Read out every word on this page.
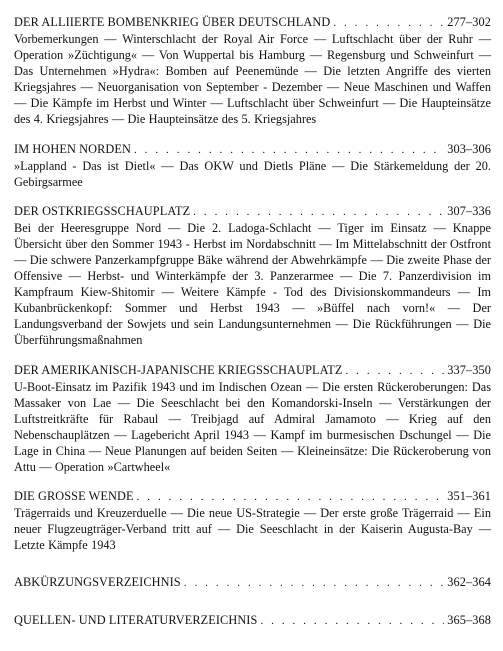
DER ALLIIERTE BOMBENKRIEG ÜBER DEUTSCHLAND . . .	277–302

Vorbemerkungen — Winterschlacht der Royal Air Force — Luftschlacht über der Ruhr — Operation »Züchtigung« — Von Wuppertal bis Hamburg — Regensburg und Schweinfurt — Das Unternehmen »Hydra«: Bomben auf Peenemünde — Die letzten Angriffe des vierten Kriegsjahres — Neuorganisation von September - Dezember — Neue Maschinen und Waffen — Die Kämpfe im Herbst und Winter — Luftschlacht über Schweinfurt — Die Haupteinsätze des 4. Kriegsjahres — Die Haupteinsätze des 5. Kriegsjahres

IM HOHEN NORDEN . . .	303–306

»Lappland - Das ist Dietl« — Das OKW und Dietls Pläne — Die Stärkemeldung der 20. Gebirgsarmee

DER OSTKRIEGSSCHAUPLATZ . . .	307–336

Bei der Heeresgruppe Nord — Die 2. Ladoga-Schlacht — Tiger im Einsatz — Knappe Übersicht über den Sommer 1943 - Herbst im Nordabschnitt — Im Mittelabschnitt der Ostfront — Die schwere Panzerkampfgruppe Bäke während der Abwehrkämpfe — Die zweite Phase der Offensive — Herbst- und Winterkämpfe der 3. Panzerarmee — Die 7. Panzerdivision im Kampfraum Kiew-Shitomir — Weitere Kämpfe - Tod des Divisionskommandeurs — Im Kubanbrückenkopf: Sommer und Herbst 1943 — »Büffel nach vorn!« — Der Landungsverband der Sowjets und sein Landungsunternehmen — Die Rückführungen — Die Überführungsmaßnahmen

DER AMERIKANISCH-JAPANISCHE KRIEGSSCHAUPLATZ . . .	337–350

U-Boot-Einsatz im Pazifik 1943 und im Indischen Ozean — Die ersten Rückeroberungen: Das Massaker von Lae — Die Seeschlacht bei den Komandorski-Inseln — Verstärkungen der Luftstreitkräfte für Rabaul — Treibjagd auf Admiral Jamamoto — Krieg auf den Nebenschauplätzen — Lagebericht April 1943 — Kampf im burmesischen Dschungel — Die Lage in China — Neue Planungen auf beiden Seiten — Kleineinsätze: Die Rückeroberung von Attu — Operation »Cartwheel«

DIE GROSSE WENDE . . .	351–361

Trägerraids und Kreuzerduelle — Die neue US-Strategie — Der erste große Trägerraid — Ein neuer Flugzeugträger-Verband tritt auf — Die Seeschlacht in der Kaiserin Augusta-Bay — Letzte Kämpfe 1943

ABKÜRZUNGSVERZEICHNIS . . .	362–364
QUELLEN- UND LITERATURVERZEICHNIS . . .	365–368
